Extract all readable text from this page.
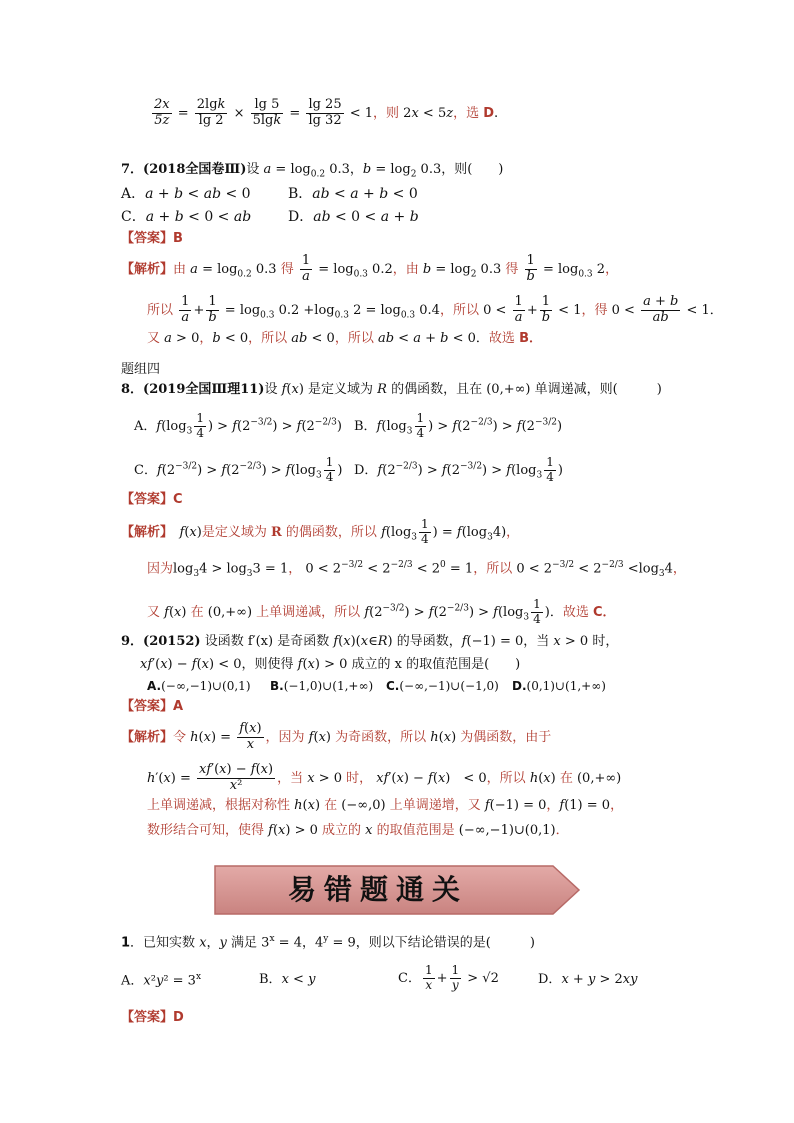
$\frac{2x}{5z} = \frac{2\lg k}{\lg 2} \times \frac{\lg 5}{5\lg k} = \frac{\lg 25}{\lg 32} < 1$，则 2x < 5z，选 D.
7．(2018全国卷Ⅲ)设 $a = \log_{0.2} 0.3$，$b = \log_2 0.3$，则(　　)
A．a + b < ab < 0	B．ab < a + b < 0
C．a + b < 0 < ab	D．ab < 0 < a + b
【答案】B
【解析】由 $a = \log_{0.2} 0.3$ 得 $\frac{1}{a} = \log_{0.3} 0.2$，由 $b = \log_2 0.3$ 得 $\frac{1}{b} = \log_{0.3} 2$，
所以 $\frac{1}{a} + \frac{1}{b} = \log_{0.3} 0.2 +\log_{0.3}$ $2 = \log_{0.3} 0.4$，所以 $0 < \frac{1}{a} + \frac{1}{b} < 1$，得 $0 < \frac{a + b}{ab} < 1$．
又 a > 0，b < 0，所以 ab < 0，所以 ab < a + b < 0．故选 B．
题组四
8．(2019全国Ⅲ理11)设 f(x) 是定义域为 R 的偶函数，且在 (0,+∞) 单调递减，则(　　　)
A．$f(\log_3 \frac{1}{4}$ ) > $f(2^{-3/2}) > f(2^{-2/3})$ B．$f(\log_3 \frac{1}{4}$ ) > $f(2^{-2/3}) > f(2^{-3/2})$
C．$f(2^{-3/2}) > f(2^{-2/3}) > f(\log_3 \frac{1}{4}$ ) D．$f(2^{-2/3}) > f(2^{-3/2}) > f(\log_3 \frac{1}{4}$ )
【答案】C
【解析】　 f(x)是定义域为 R 的偶函数，所以 $f(\log_3 \frac{1}{4}$ ) = $f(\log_34)$，
因为$\log_34 > \log_33 = 1$， $0 < 2^{-3/2} < 2^{-2/3} < 2^0 = 1$，所以 $0 < 2^{-3/2} < 2^{-2/3} <\log_34$，
又 f(x) 在 (0,+∞) 上单调递减，所以 $f(2^{-3/2}) > f(2^{-2/3}) > f(\log_3 \frac{1}{4}$ )．故选 C．
9．(20152) 设函数 f′(x) 是奇函数 f(x)(x∈R) 的导函数，f(−1) = 0，当 x > 0 时，
xf′(x) − f(x) < 0，则使得 f(x) > 0 成立的 x 的取值范围是(　　)
A.(−∞,−1)∪(0,1) B.(−1,0)∪(1,+∞) C.(−∞,−1)∪(−1,0) D.(0,1)∪(1,+∞)
【答案】A
【解析】令 $h(x) = \frac{f(x)}{x}$ ，因为 f(x) 为奇函数，所以 h(x) 为偶函数，由于
$h'(x) = \frac{xf'(x) - f(x)}{\text{x²}}$ ，当 x > 0 时， xf′(x) − f(x)　< 0，所以 h(x) 在 (0,+∞)
上单调递减，根据对称性 h(x) 在 (−∞,0) 上单调递增，又 f(−1) = 0，f(1) = 0，
数形结合可知，使得 f(x) > 0 成立的 x 的取值范围是 (−∞,−1)∪(0,1)．
易错题通关
1．已知实数 x，y 满足 $3^x = 4$，$4^y = 9$，则以下结论错误的是(　　　)
A．$x^2y^2 = 3^x$	B．x < y	C． $\frac{1}{x} + \frac{1}{y} > √2$	D．x + y > 2xy
【答案】D
